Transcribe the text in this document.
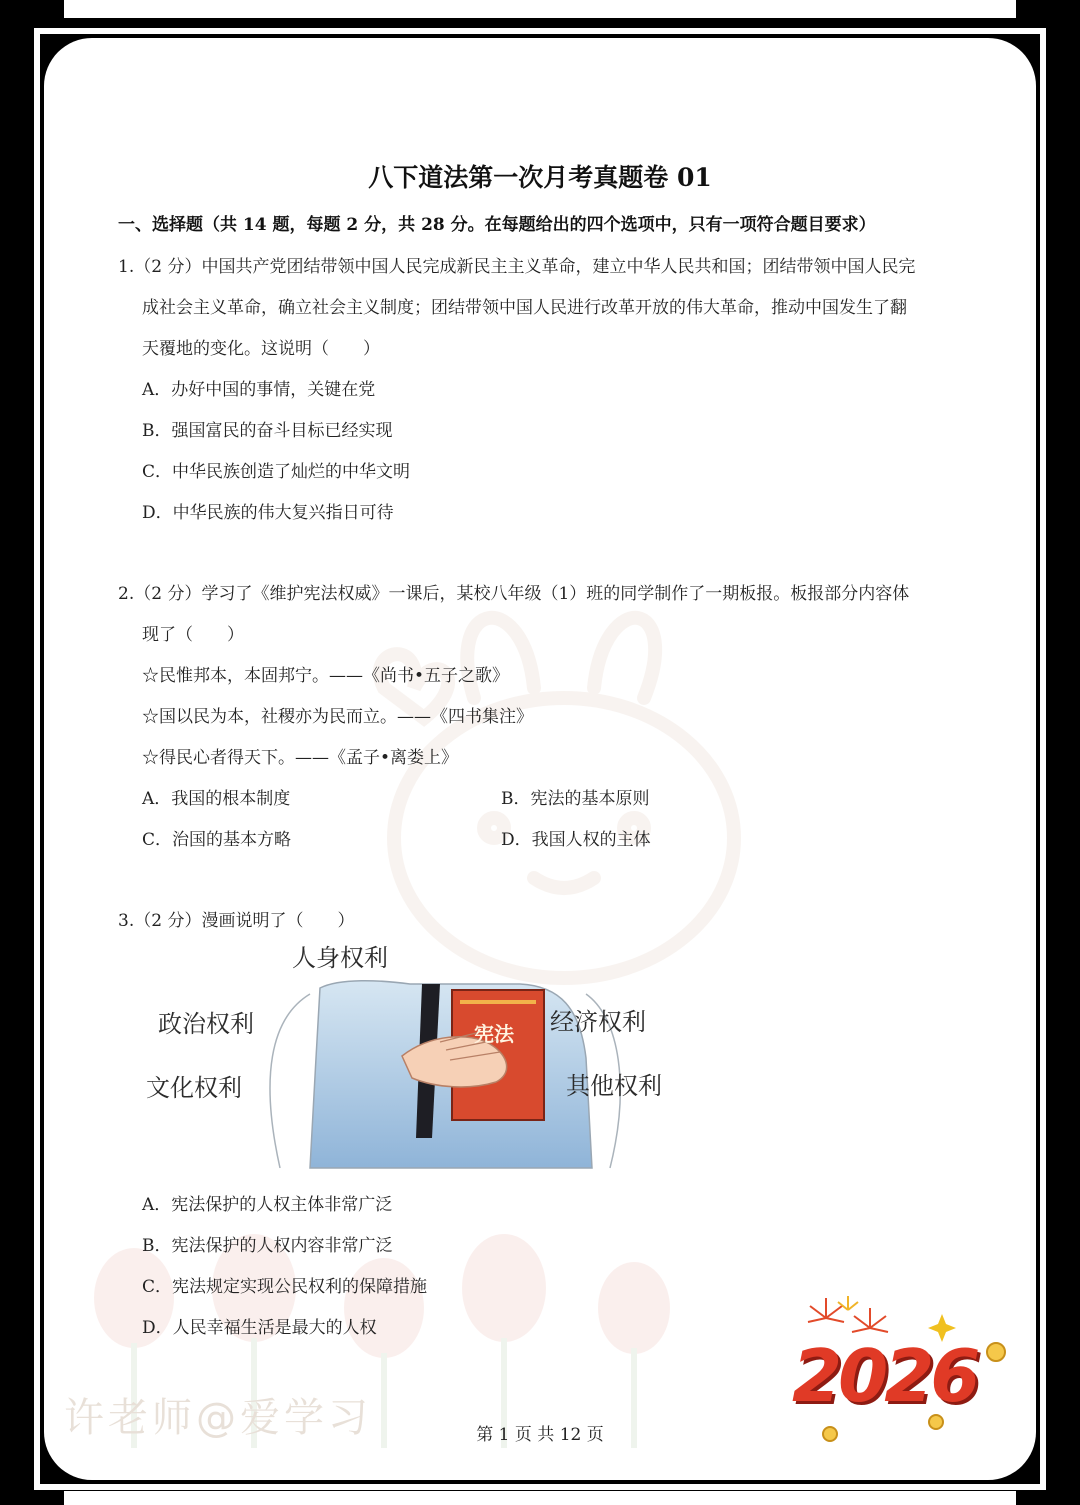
许老师@爱学习
八下道法第一次月考真题卷 01
一、选择题（共 14 题，每题 2 分，共 28 分。在每题给出的四个选项中，只有一项符合题目要求）
1.（2 分）中国共产党团结带领中国人民完成新民主主义革命，建立中华人民共和国；团结带领中国人民完
成社会主义革命，确立社会主义制度；团结带领中国人民进行改革开放的伟大革命，推动中国发生了翻
天覆地的变化。这说明（　　）
A．办好中国的事情，关键在党
B．强国富民的奋斗目标已经实现
C．中华民族创造了灿烂的中华文明
D．中华民族的伟大复兴指日可待
2.（2 分）学习了《维护宪法权威》一课后，某校八年级（1）班的同学制作了一期板报。板报部分内容体
现了（　　）
☆民惟邦本，本固邦宁。——《尚书•五子之歌》
☆国以民为本，社稷亦为民而立。——《四书集注》
☆得民心者得天下。——《孟子•离娄上》
A．我国的根本制度	B．宪法的基本原则
C．治国的基本方略	D．我国人权的主体
3.（2 分）漫画说明了（　　）
宪法
人身权利
政治权利
文化权利
经济权利
其他权利
A．宪法保护的人权主体非常广泛
B．宪法保护的人权内容非常广泛
C．宪法规定实现公民权利的保障措施
D．人民幸福生活是最大的人权
第 1 页 共 12 页
2026
